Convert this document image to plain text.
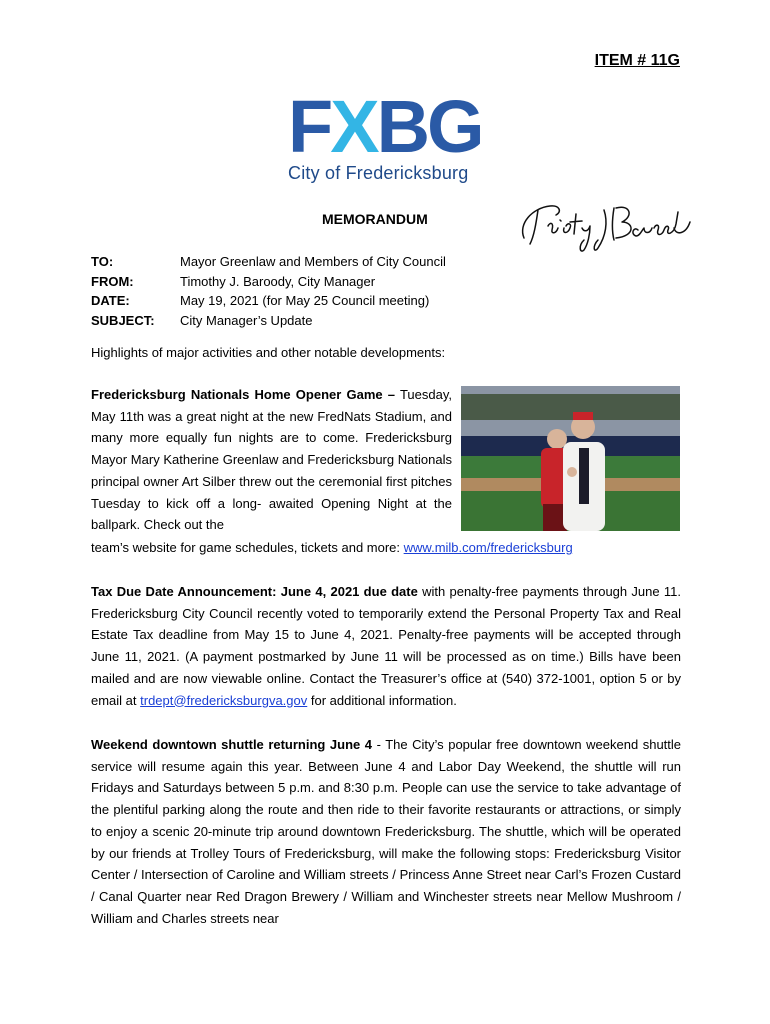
ITEM # 11G
F X B G
City of Fredericksburg
MEMORANDUM
TO:	Mayor Greenlaw and Members of City Council
FROM:	Timothy J. Baroody, City Manager
DATE:	May 19, 2021 (for May 25 Council meeting)
SUBJECT:	City Manager’s Update
Highlights of major activities and other notable developments:
Fredericksburg Nationals Home Opener Game – Tuesday, May 11th was a great night at the new FredNats Stadium, and many more equally fun nights are to come. Fredericksburg Mayor Mary Katherine Greenlaw and Fredericksburg Nationals principal owner Art Silber threw out the ceremonial first pitches Tuesday to kick off a long- awaited Opening Night at the ballpark. Check out the
team’s website for game schedules, tickets and more: www.milb.com/fredericksburg
Tax Due Date Announcement: June 4, 2021 due date with penalty-free payments through June 11. Fredericksburg City Council recently voted to temporarily extend the Personal Property Tax and Real Estate Tax deadline from May 15 to June 4, 2021. Penalty-free payments will be accepted through June 11, 2021. (A payment postmarked by June 11 will be processed as on time.) Bills have been mailed and are now viewable online. Contact the Treasurer’s office at (540) 372-1001, option 5 or by email at trdept@fredericksburgva.gov for additional information.
Weekend downtown shuttle returning June 4 - The City’s popular free downtown weekend shuttle service will resume again this year. Between June 4 and Labor Day Weekend, the shuttle will run Fridays and Saturdays between 5 p.m. and 8:30 p.m. People can use the service to take advantage of the plentiful parking along the route and then ride to their favorite restaurants or attractions, or simply to enjoy a scenic 20-minute trip around downtown Fredericksburg. The shuttle, which will be operated by our friends at Trolley Tours of Fredericksburg, will make the following stops: Fredericksburg Visitor Center / Intersection of Caroline and William streets / Princess Anne Street near Carl’s Frozen Custard / Canal Quarter near Red Dragon Brewery / William and Winchester streets near Mellow Mushroom / William and Charles streets near
